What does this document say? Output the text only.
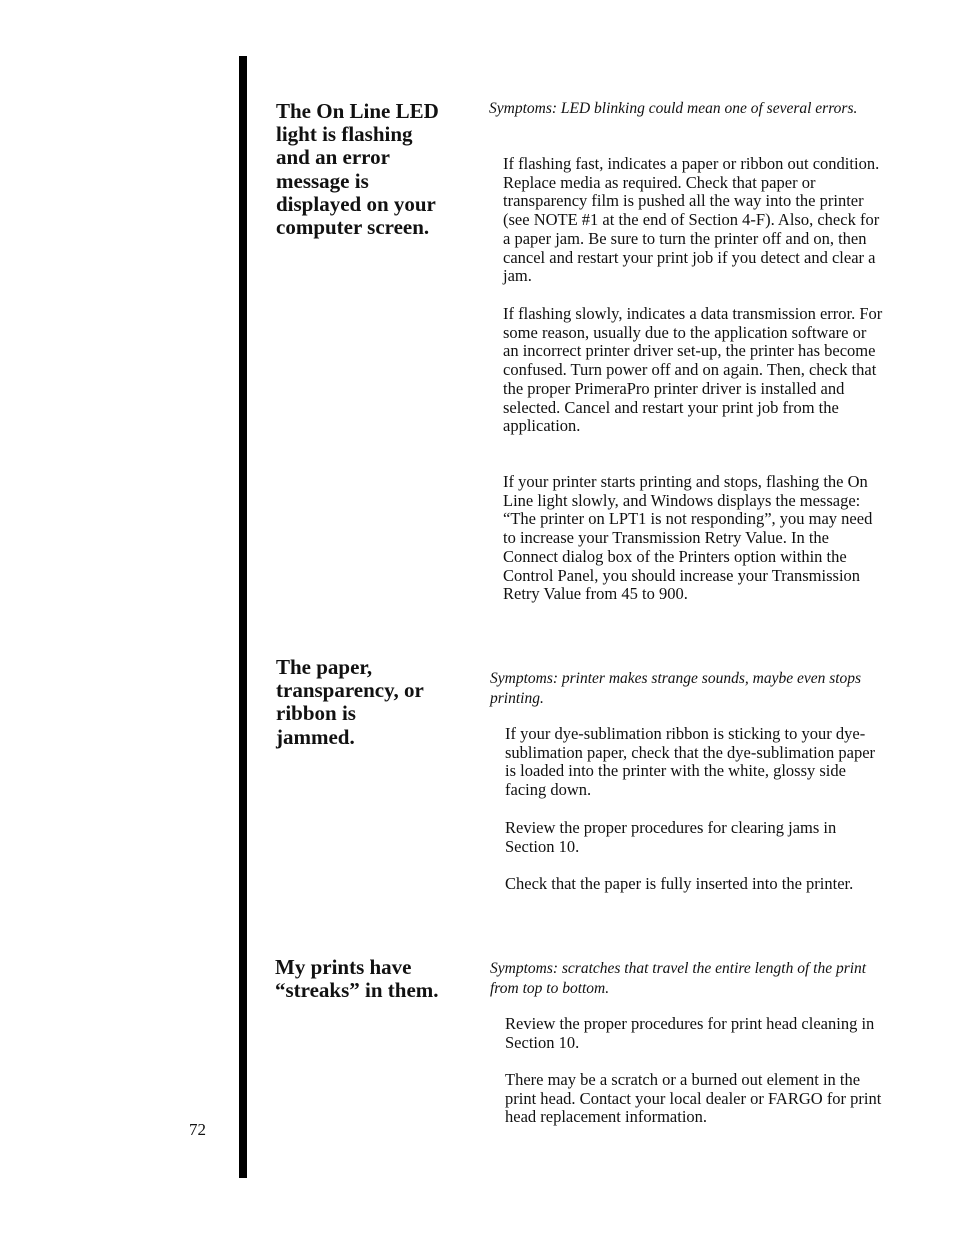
The On Line LED
light is flashing
and an error
message is
displayed on your
computer screen.

Symptoms: LED blinking could mean one of several errors.

If flashing fast, indicates a paper or ribbon out condition. Replace media as required. Check that paper or transparency film is pushed all the way into the printer (see NOTE #1 at the end of Section 4-F). Also, check for a paper jam. Be sure to turn the printer off and on, then cancel and restart your print job if you detect and clear a jam.

If flashing slowly, indicates a data transmission error. For some reason, usually due to the application software or an incorrect printer driver set-up, the printer has become confused. Turn power off and on again. Then, check that the proper PrimeraPro printer driver is installed and selected. Cancel and restart your print job from the application.

If your printer starts printing and stops, flashing the On Line light slowly, and Windows displays the message: “The printer on LPT1 is not responding”, you may need to increase your Transmission Retry Value. In the Connect dialog box of the Printers option within the Control Panel, you should increase your Transmission Retry Value from 45 to 900.

The paper,
transparency, or
ribbon is
jammed.

Symptoms: printer makes strange sounds, maybe even stops printing.

If your dye-sublimation ribbon is sticking to your dye-sublimation paper, check that the dye-sublimation paper is loaded into the printer with the white, glossy side facing down.

Review the proper procedures for clearing jams in Section 10.

Check that the paper is fully inserted into the printer.

My prints have
“streaks” in them.

Symptoms: scratches that travel the entire length of the print from top to bottom.

Review the proper procedures for print head cleaning in Section 10.

There may be a scratch or a burned out element in the print head. Contact your local dealer or FARGO for print head replacement information.

72
